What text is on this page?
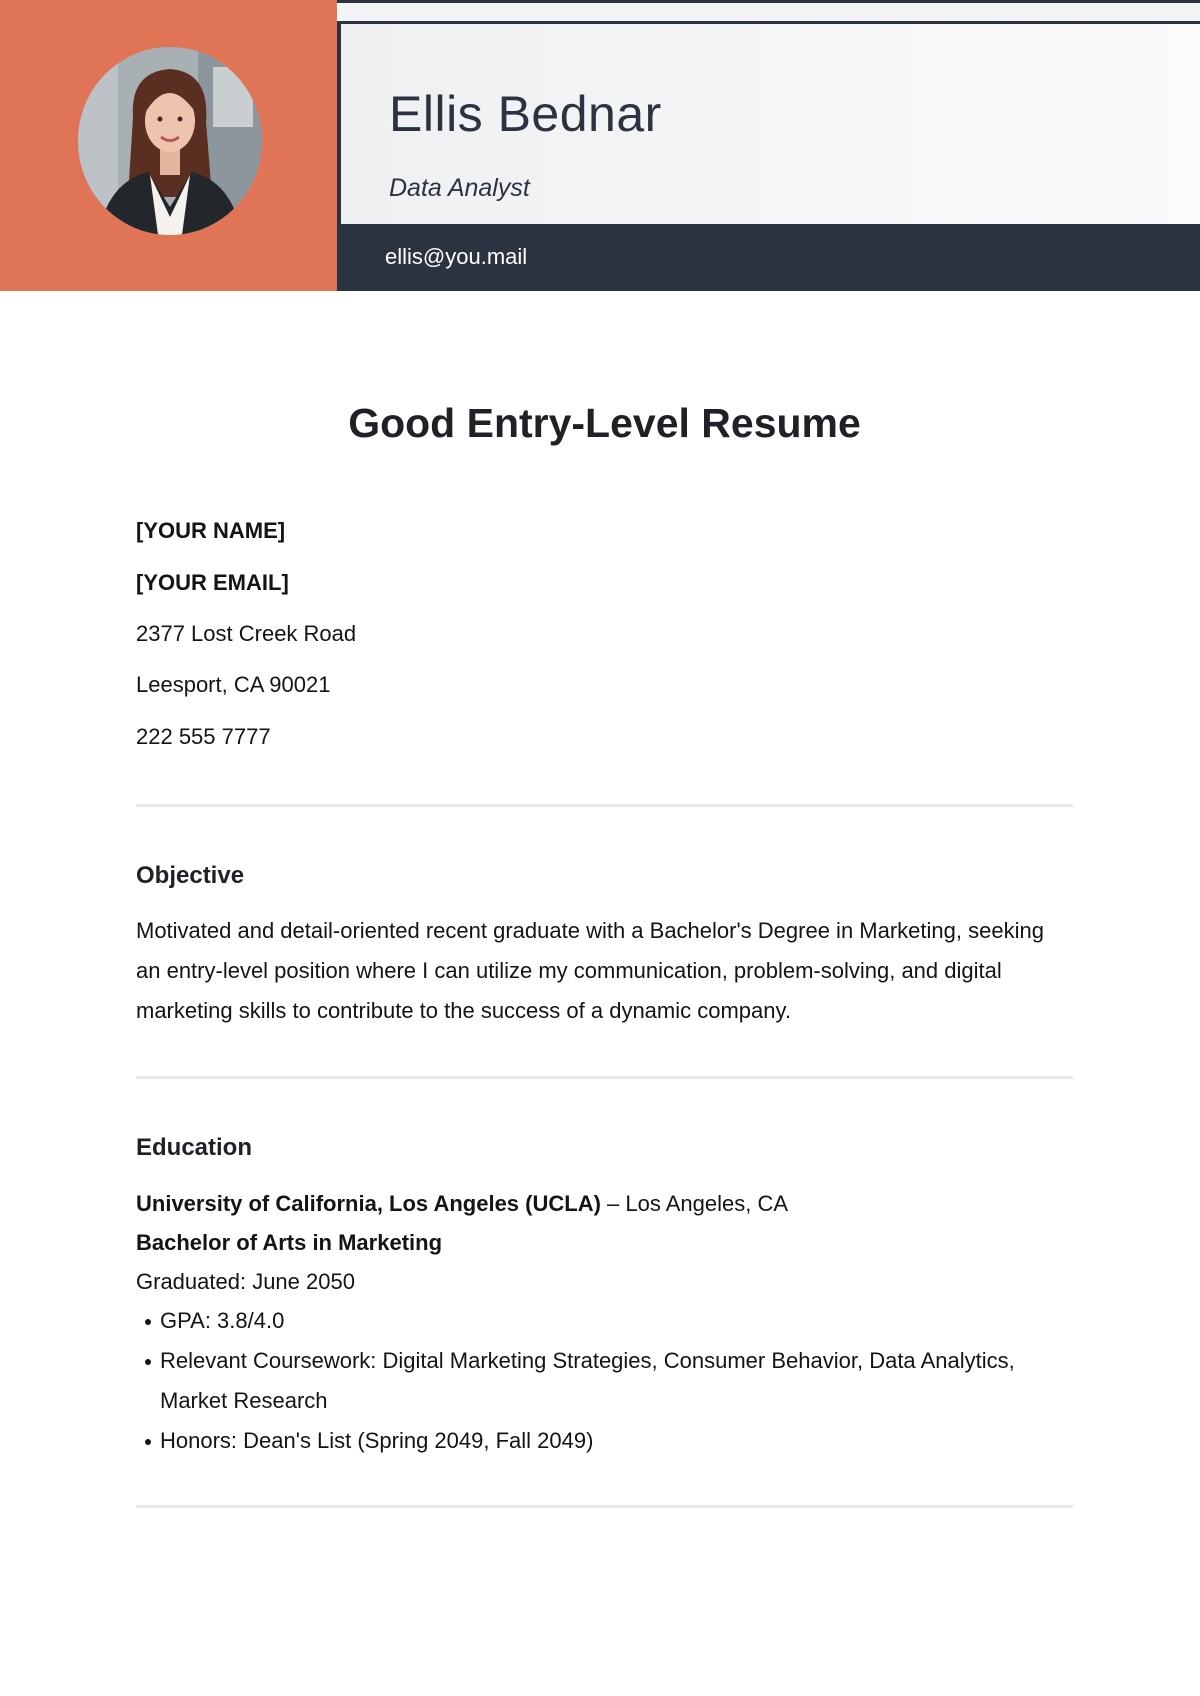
Ellis Bednar
Data Analyst
ellis@you.mail
Good Entry-Level Resume
[YOUR NAME]
[YOUR EMAIL]
2377 Lost Creek Road
Leesport, CA 90021
222 555 7777
Objective
Motivated and detail-oriented recent graduate with a Bachelor's Degree in Marketing, seeking an entry-level position where I can utilize my communication, problem-solving, and digital marketing skills to contribute to the success of a dynamic company.
Education
University of California, Los Angeles (UCLA) – Los Angeles, CA
Bachelor of Arts in Marketing
Graduated: June 2050
GPA: 3.8/4.0
Relevant Coursework: Digital Marketing Strategies, Consumer Behavior, Data Analytics, Market Research
Honors: Dean's List (Spring 2049, Fall 2049)
